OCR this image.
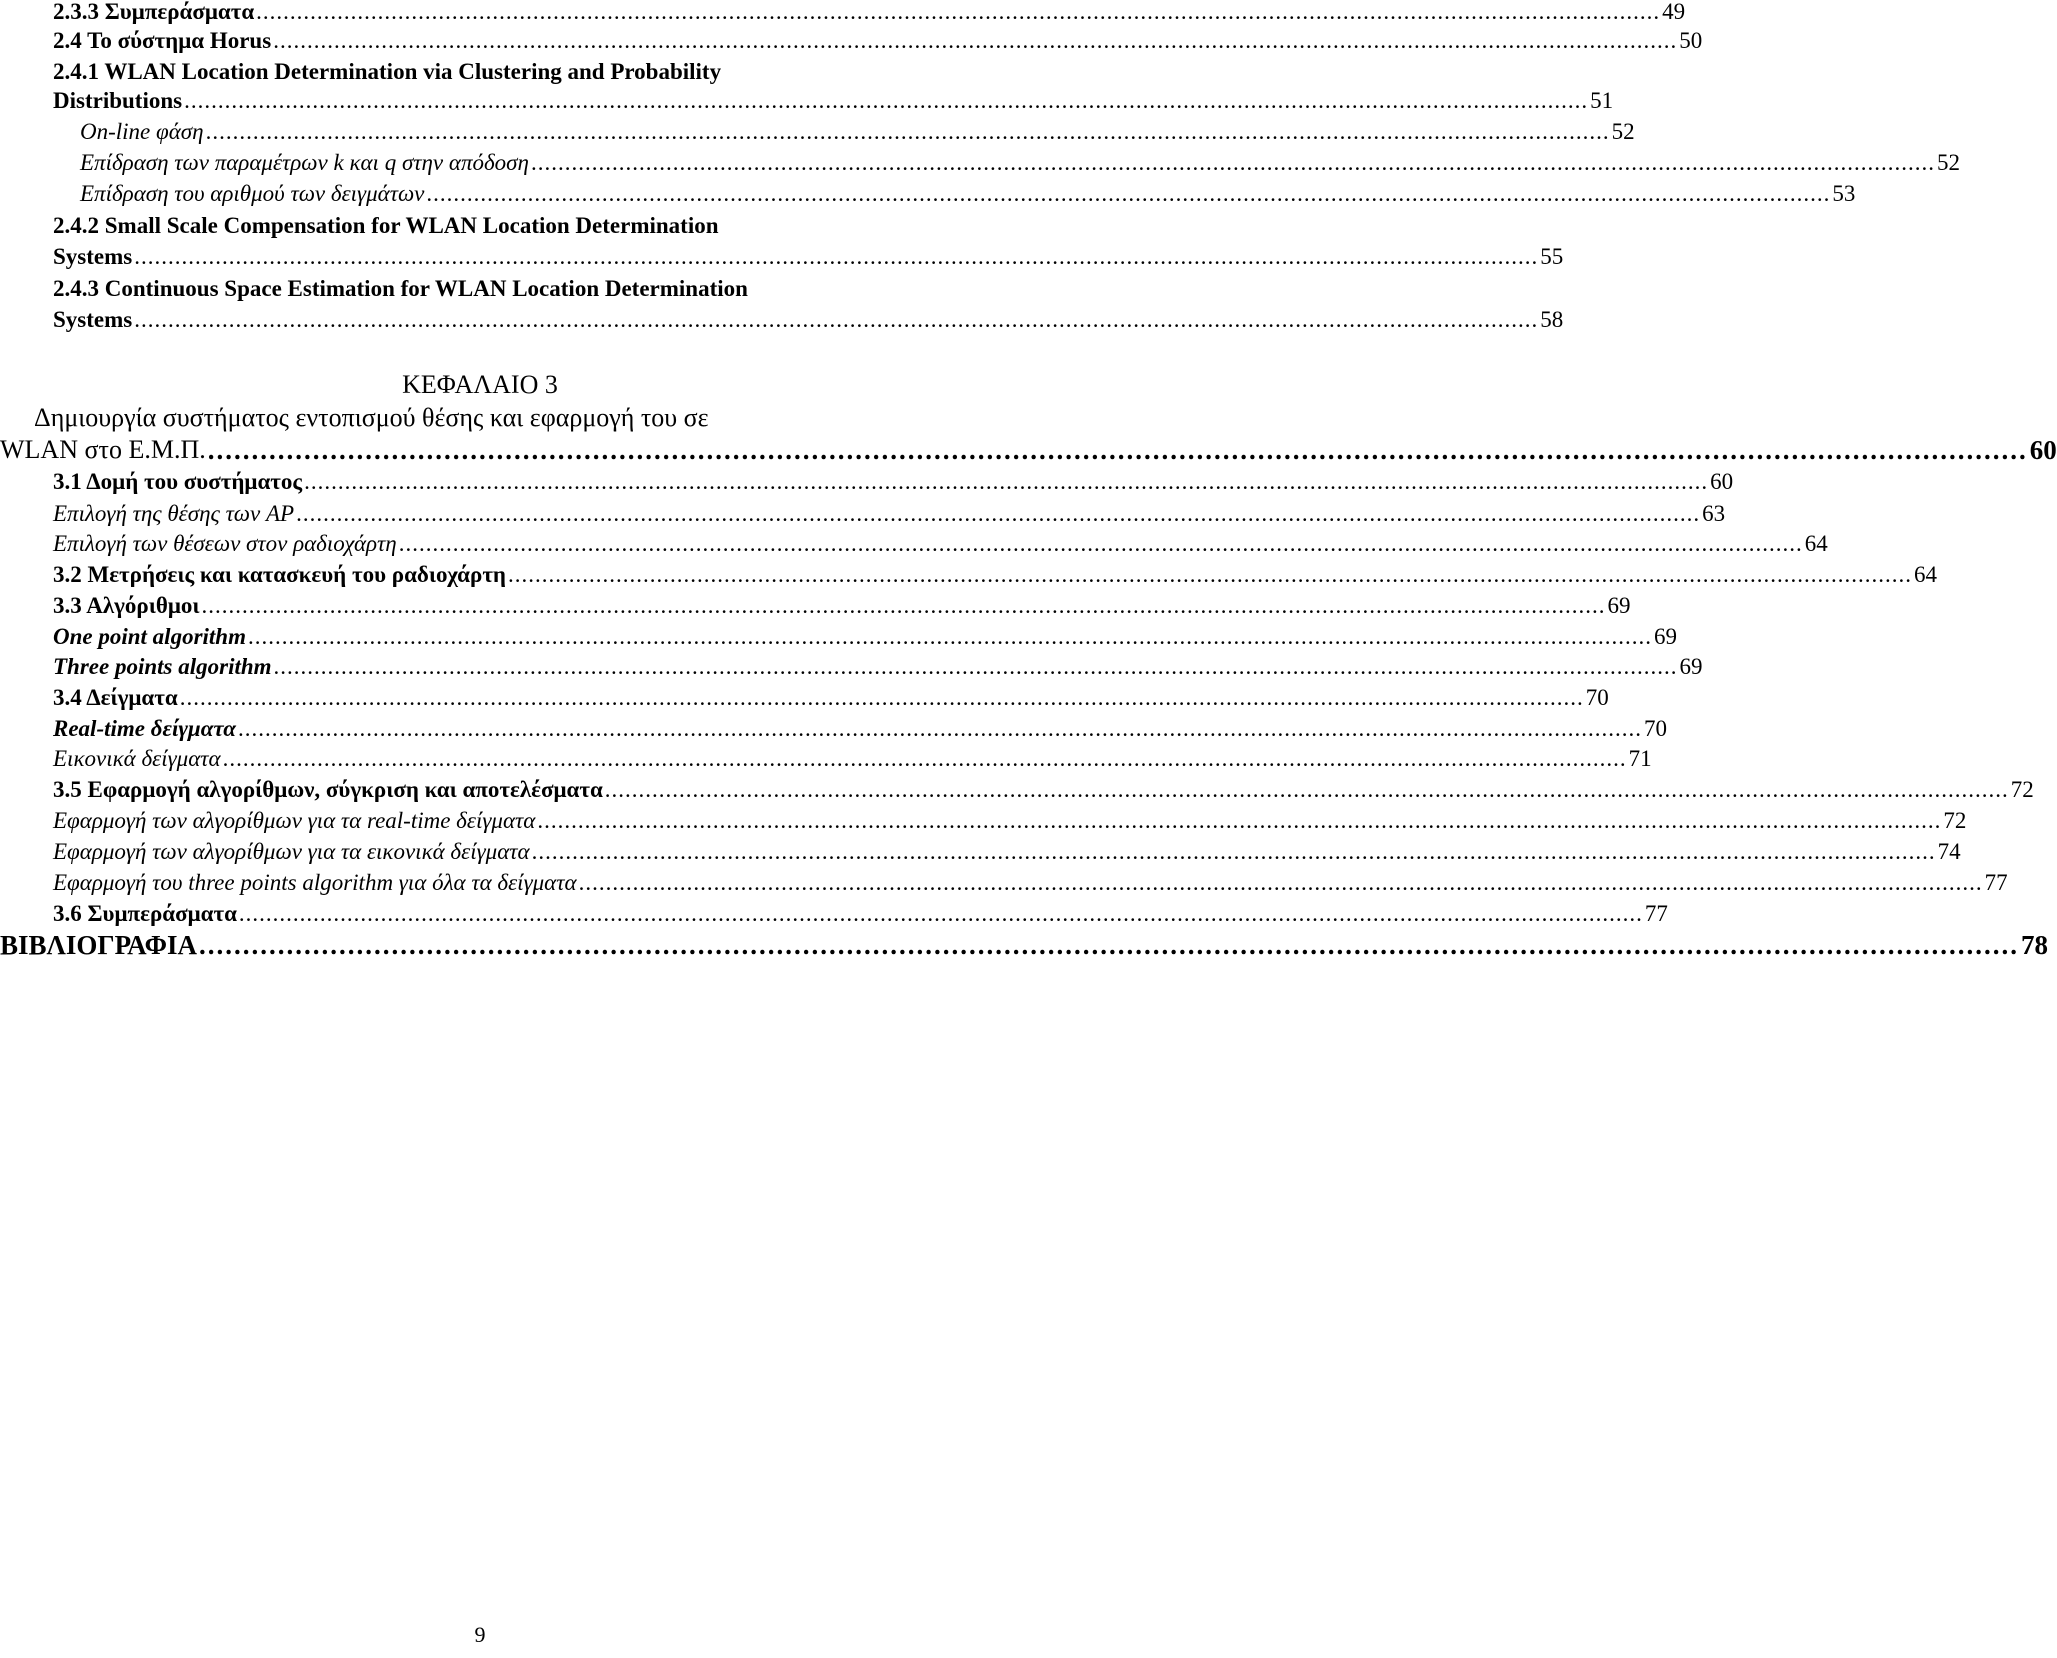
2.3.3 Συμπεράσματα ................................................................................................................................................................................................................ 49
2.4 Το σύστημα Horus ................................................................................................................................................................................................................ 50
2.4.1 WLAN Location Determination via Clustering and Probability
Distributions ................................................................................................................................................................................................................ 51
On-line φάση ................................................................................................................................................................................................................ 52
Επίδραση των παραμέτρων k και q στην απόδοση ................................................................................................................................................................................................................ 52
Επίδραση του αριθμού των δειγμάτων ................................................................................................................................................................................................................ 53
2.4.2 Small Scale Compensation for WLAN Location Determination
Systems ................................................................................................................................................................................................................ 55
2.4.3 Continuous Space Estimation for WLAN Location Determination
Systems ................................................................................................................................................................................................................ 58
ΚΕΦΑΛΑΙΟ 3
Δημιουργία συστήματος εντοπισμού θέσης και εφαρμογή του σε
WLAN στο Ε.Μ.Π. ................................................................................................................................................................................................................ 60
3.1 Δομή του συστήματος ................................................................................................................................................................................................................ 60
Επιλογή της θέσης των AP ................................................................................................................................................................................................................ 63
Επιλογή των θέσεων στον ραδιοχάρτη ................................................................................................................................................................................................................ 64
3.2 Μετρήσεις και κατασκευή του ραδιοχάρτη ................................................................................................................................................................................................................ 64
3.3 Αλγόριθμοι ................................................................................................................................................................................................................ 69
One point algorithm ................................................................................................................................................................................................................ 69
Three points algorithm ................................................................................................................................................................................................................ 69
3.4 Δείγματα ................................................................................................................................................................................................................ 70
Real-time δείγματα ................................................................................................................................................................................................................ 70
Εικονικά δείγματα ................................................................................................................................................................................................................ 71
3.5 Εφαρμογή αλγορίθμων, σύγκριση και αποτελέσματα ................................................................................................................................................................................................................ 72
Εφαρμογή των αλγορίθμων για τα real-time δείγματα ................................................................................................................................................................................................................ 72
Εφαρμογή των αλγορίθμων για τα εικονικά δείγματα ................................................................................................................................................................................................................ 74
Εφαρμογή του three points algorithm για όλα τα δείγματα ................................................................................................................................................................................................................ 77
3.6 Συμπεράσματα ................................................................................................................................................................................................................ 77
ΒΙΒΛΙΟΓΡΑΦΙΑ ................................................................................................................................................................................................................ 78
9
